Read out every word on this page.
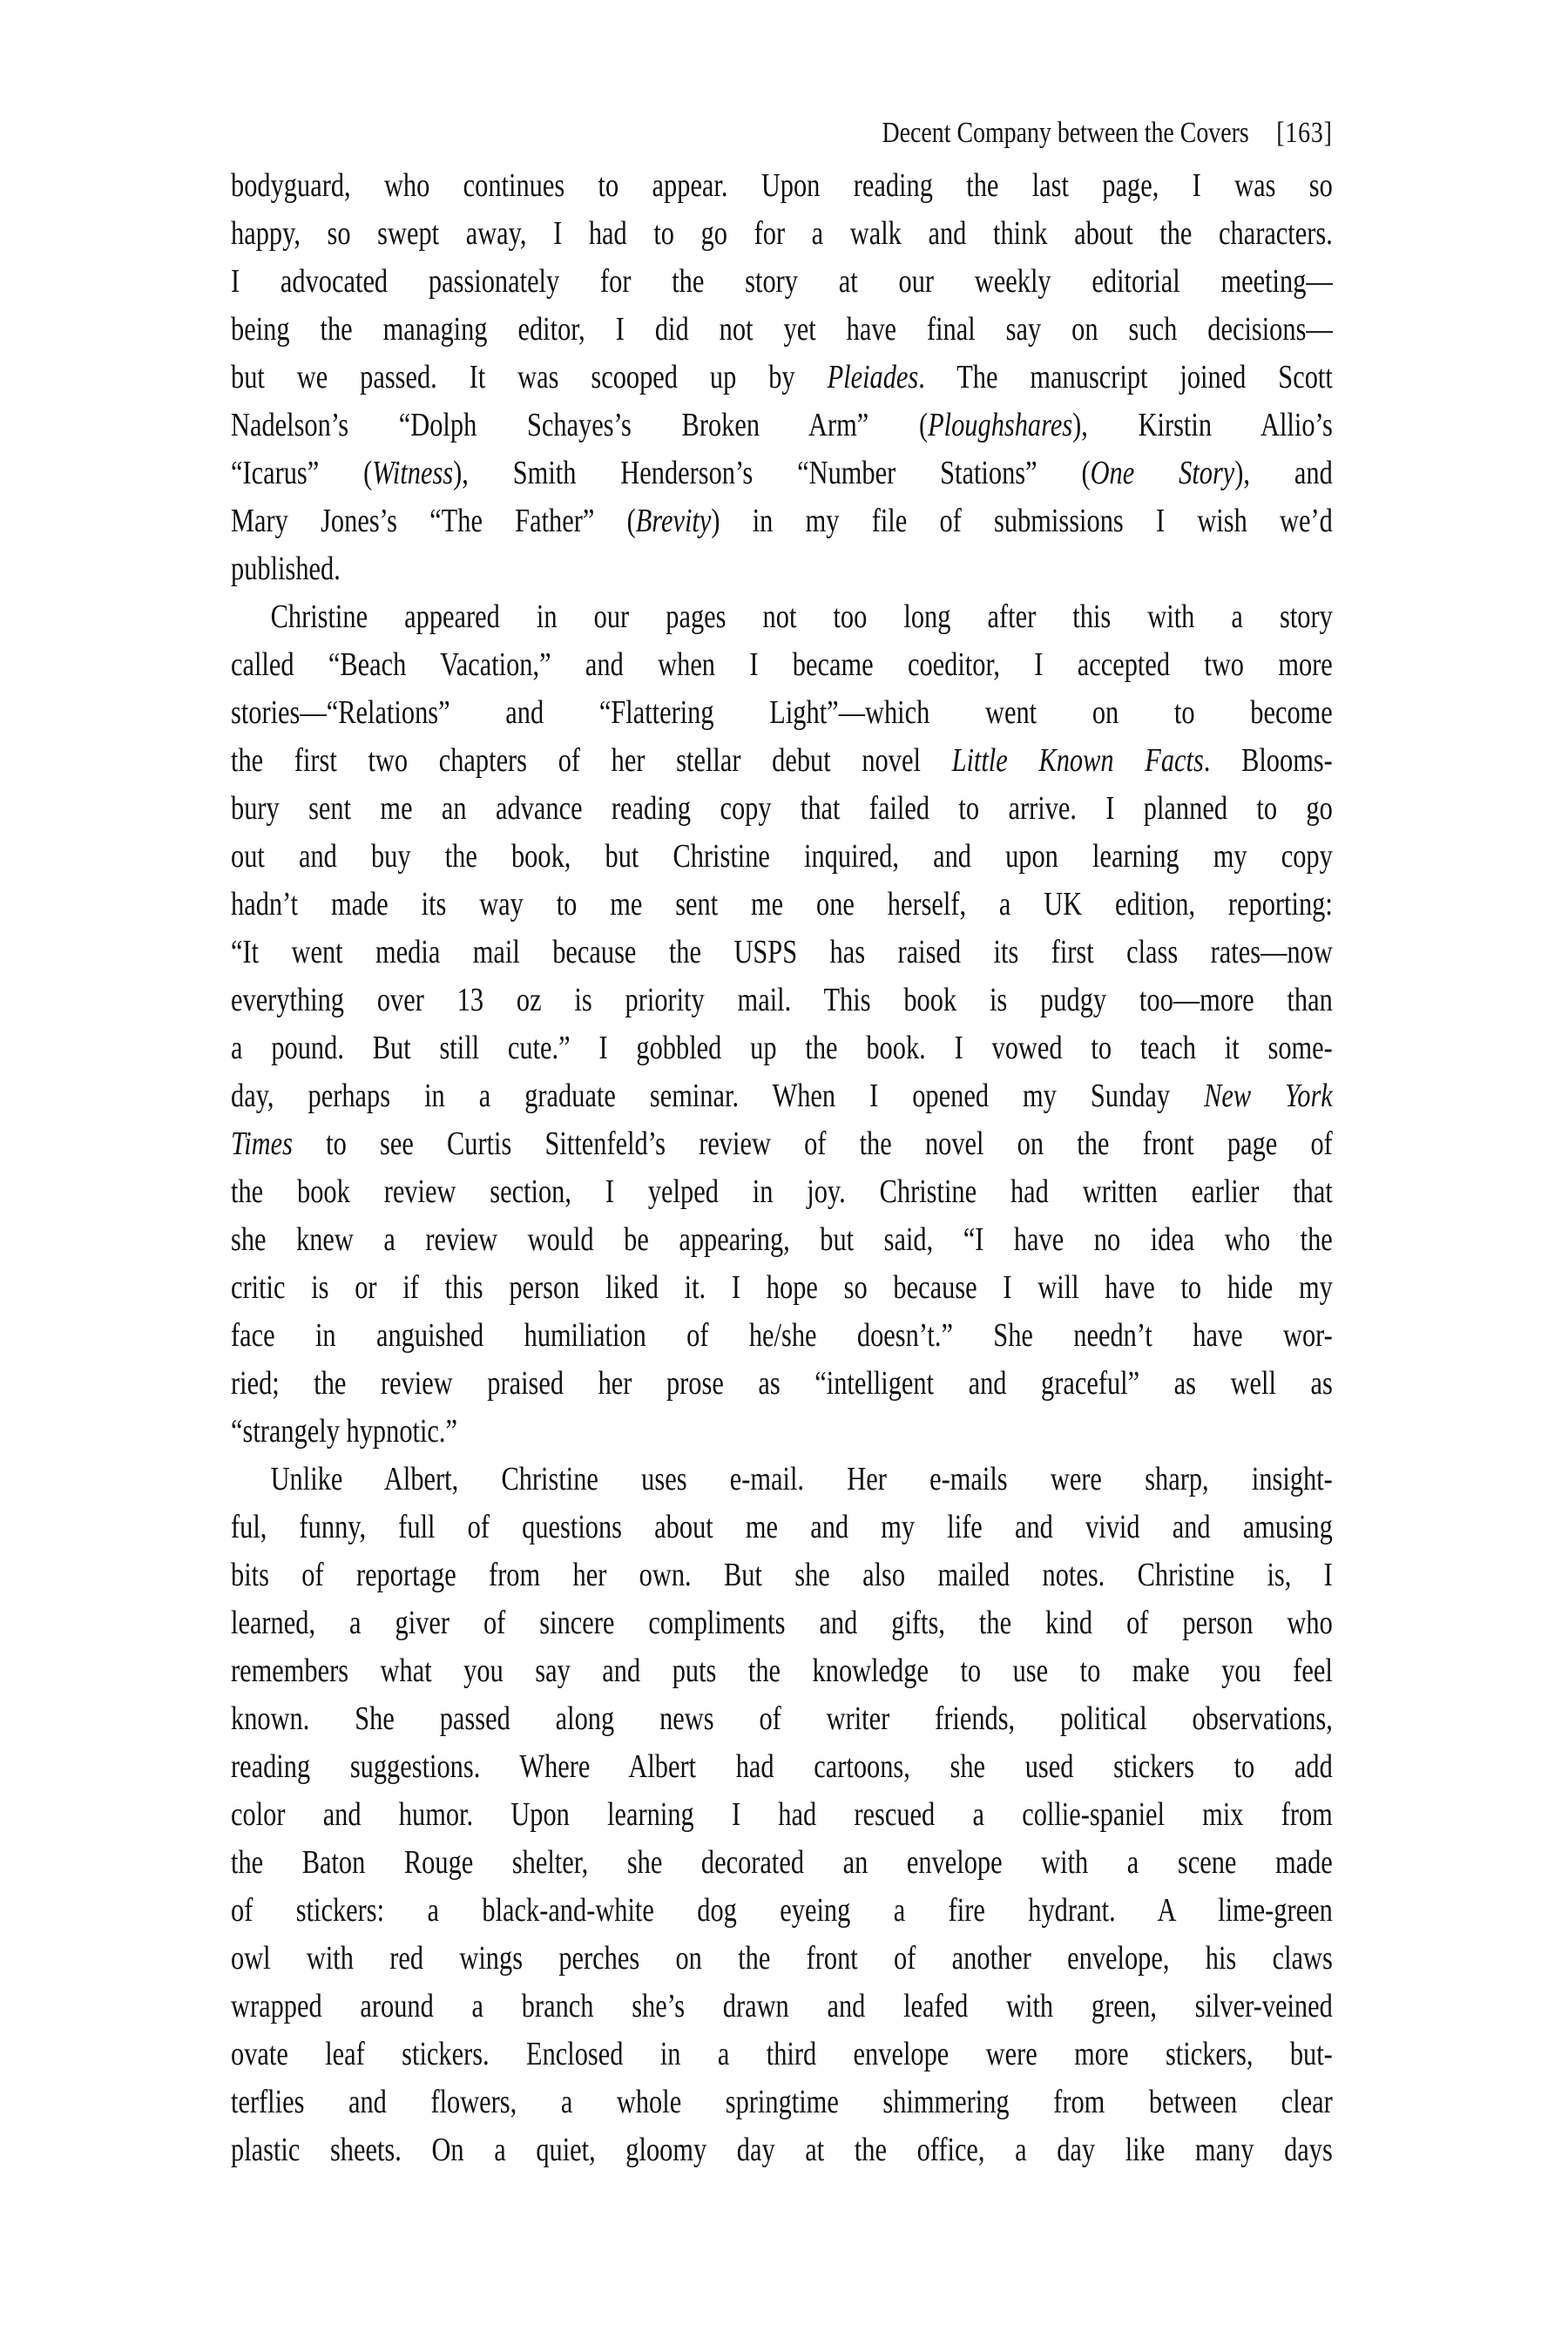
Decent Company between the Covers [163]
bodyguard, who continues to appear. Upon reading the last page, I was so
happy, so swept away, I had to go for a walk and think about the characters.
I advocated passionately for the story at our weekly editorial meeting—
being the managing editor, I did not yet have final say on such decisions—
but we passed. It was scooped up by Pleiades. The manuscript joined Scott
Nadelson’s “Dolph Schayes’s Broken Arm” (Ploughshares), Kirstin Allio’s
“Icarus” (Witness), Smith Henderson’s “Number Stations” (One Story), and
Mary Jones’s “The Father” (Brevity) in my file of submissions I wish we’d
published.
Christine appeared in our pages not too long after this with a story
called “Beach Vacation,” and when I became coeditor, I accepted two more
stories—“Relations” and “Flattering Light”—which went on to become
the first two chapters of her stellar debut novel Little Known Facts. Blooms-
bury sent me an advance reading copy that failed to arrive. I planned to go
out and buy the book, but Christine inquired, and upon learning my copy
hadn’t made its way to me sent me one herself, a UK edition, reporting:
“It went media mail because the USPS has raised its first class rates—now
everything over 13 oz is priority mail. This book is pudgy too—more than
a pound. But still cute.” I gobbled up the book. I vowed to teach it some-
day, perhaps in a graduate seminar. When I opened my Sunday New York
Times to see Curtis Sittenfeld’s review of the novel on the front page of
the book review section, I yelped in joy. Christine had written earlier that
she knew a review would be appearing, but said, “I have no idea who the
critic is or if this person liked it. I hope so because I will have to hide my
face in anguished humiliation of he/she doesn’t.” She needn’t have wor-
ried; the review praised her prose as “intelligent and graceful” as well as
“strangely hypnotic.”
Unlike Albert, Christine uses e-mail. Her e-mails were sharp, insight-
ful, funny, full of questions about me and my life and vivid and amusing
bits of reportage from her own. But she also mailed notes. Christine is, I
learned, a giver of sincere compliments and gifts, the kind of person who
remembers what you say and puts the knowledge to use to make you feel
known. She passed along news of writer friends, political observations,
reading suggestions. Where Albert had cartoons, she used stickers to add
color and humor. Upon learning I had rescued a collie-spaniel mix from
the Baton Rouge shelter, she decorated an envelope with a scene made
of stickers: a black-and-white dog eyeing a fire hydrant. A lime-green
owl with red wings perches on the front of another envelope, his claws
wrapped around a branch she’s drawn and leafed with green, silver-veined
ovate leaf stickers. Enclosed in a third envelope were more stickers, but-
terflies and flowers, a whole springtime shimmering from between clear
plastic sheets. On a quiet, gloomy day at the office, a day like many days
